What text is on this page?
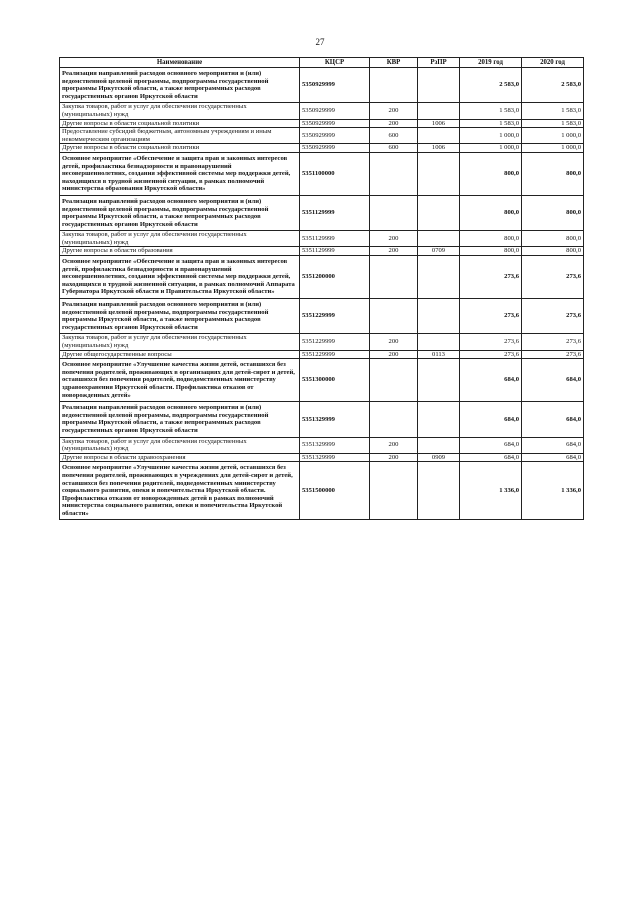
27
Наименование	КЦСР	КВР	РзПР	2019 год	2020 год
Реализация направлений расходов основного мероприятия и (или) ведомственной целевой программы, подпрограммы государственной программы Иркутской области, а также непрограммных расходов государственных органов Иркутской области	5350929999			2 583,0	2 583,0
Закупка товаров, работ и услуг для обеспечения государственных (муниципальных) нужд	5350929999	200		1 583,0	1 583,0
Другие вопросы в области социальной политики	5350929999	200	1006	1 583,0	1 583,0
Предоставление субсидий бюджетным, автономным учреждениям и иным некоммерческим организациям	5350929999	600		1 000,0	1 000,0
Другие вопросы в области социальной политики	5350929999	600	1006	1 000,0	1 000,0
Основное мероприятие «Обеспечение и защита прав и законных интересов детей, профилактика безнадзорности и правонарушений несовершеннолетних, создания эффективной системы мер поддержки детей, находящихся в трудной жизненной ситуации, в рамках полномочий министерства образования Иркутской области»	5351100000			800,0	800,0
Реализация направлений расходов основного мероприятия и (или) ведомственной целевой программы, подпрограммы государственной программы Иркутской области, а также непрограммных расходов государственных органов Иркутской области	5351129999			800,0	800,0
Закупка товаров, работ и услуг для обеспечения государственных (муниципальных) нужд	5351129999	200		800,0	800,0
Другие вопросы в области образования	5351129999	200	0709	800,0	800,0
Основное мероприятие «Обеспечение и защита прав и законных интересов детей, профилактика безнадзорности и правонарушений несовершеннолетних, создания эффективной системы мер поддержки детей, находящихся в трудной жизненной ситуации, в рамках полномочий Аппарата Губернатора Иркутской области и Правительства Иркутской области»	5351200000			273,6	273,6
Реализация направлений расходов основного мероприятия и (или) ведомственной целевой программы, подпрограммы государственной программы Иркутской области, а также непрограммных расходов государственных органов Иркутской области	5351229999			273,6	273,6
Закупка товаров, работ и услуг для обеспечения государственных (муниципальных) нужд	5351229999	200		273,6	273,6
Другие общегосударственные вопросы	5351229999	200	0113	273,6	273,6
Основное мероприятие «Улучшение качества жизни детей, оставшихся без попечения родителей, проживающих в организациях для детей-сирот и детей, оставшихся без попечения родителей, подведомственных министерству здравоохранения Иркутской области. Профилактика отказов от новорожденных детей»	5351300000			684,0	684,0
Реализация направлений расходов основного мероприятия и (или) ведомственной целевой программы, подпрограммы государственной программы Иркутской области, а также непрограммных расходов государственных органов Иркутской области	5351329999			684,0	684,0
Закупка товаров, работ и услуг для обеспечения государственных (муниципальных) нужд	5351329999	200		684,0	684,0
Другие вопросы в области здравоохранения	5351329999	200	0909	684,0	684,0
Основное мероприятие «Улучшение качества жизни детей, оставшихся без попечения родителей, проживающих в учреждениях для детей-сирот и детей, оставшихся без попечения родителей, подведомственных министерству социального развития, опеки и попечительства Иркутской области. Профилактика отказов от новорожденных детей в рамках полномочий министерства социального развития, опеки и попечительства Иркутской области»	5351500000			1 336,0	1 336,0
